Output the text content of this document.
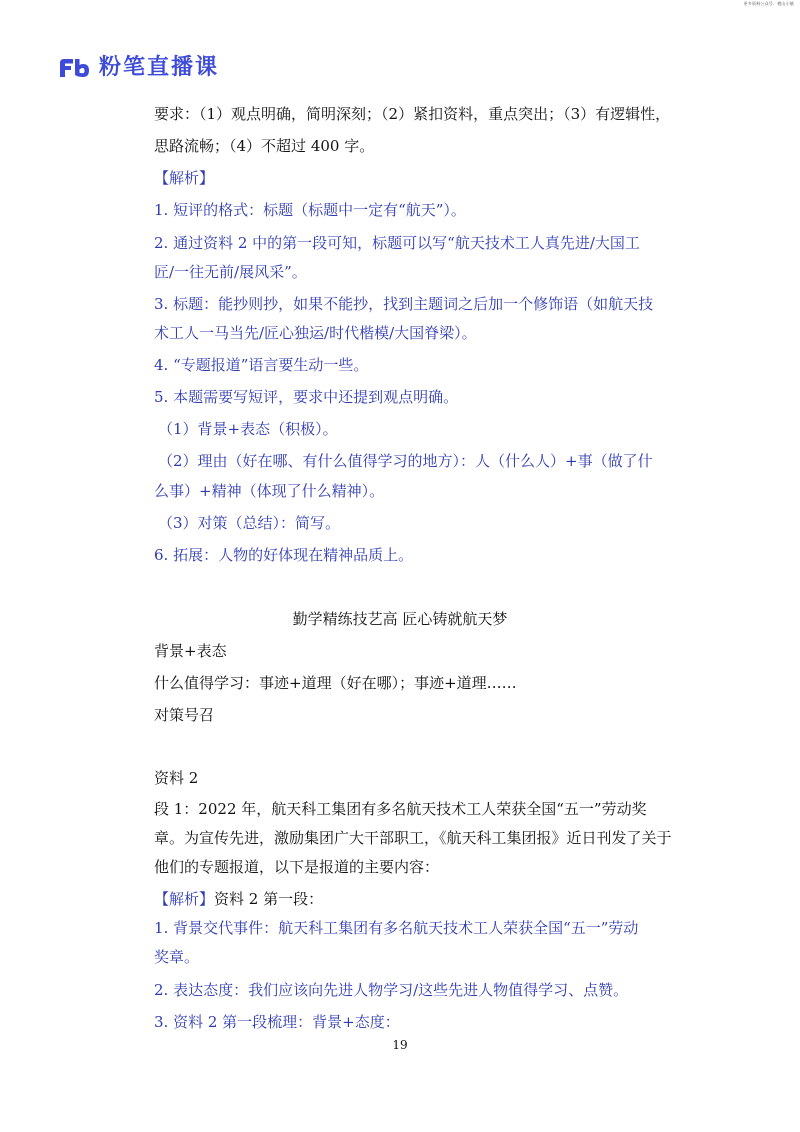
更多资料公众号：橙山小镇
粉笔直播课
要求：（1）观点明确，简明深刻；（2）紧扣资料，重点突出；（3）有逻辑性，
思路流畅；（4）不超过 400 字。
【解析】
1. 短评的格式：标题（标题中一定有“航天”）。
2. 通过资料 2 中的第一段可知，标题可以写“航天技术工人真先进/大国工
匠/一往无前/展风采”。
3. 标题：能抄则抄，如果不能抄，找到主题词之后加一个修饰语（如航天技
术工人一马当先/匠心独运/时代楷模/大国脊梁）。
4. “专题报道”语言要生动一些。
5. 本题需要写短评，要求中还提到观点明确。
（1）背景+表态（积极）。
（2）理由（好在哪、有什么值得学习的地方）：人（什么人）+事（做了什
么事）+精神（体现了什么精神）。
（3）对策（总结）：简写。
6. 拓展：人物的好体现在精神品质上。
勤学精练技艺高 匠心铸就航天梦
背景+表态
什么值得学习：事迹+道理（好在哪）；事迹+道理……
对策号召
资料 2
段 1：2022 年，航天科工集团有多名航天技术工人荣获全国“五一”劳动奖
章。为宣传先进，激励集团广大干部职工，《航天科工集团报》近日刊发了关于
他们的专题报道，以下是报道的主要内容：
【解析】资料 2 第一段：
1. 背景交代事件：航天科工集团有多名航天技术工人荣获全国“五一”劳动
奖章。
2. 表达态度：我们应该向先进人物学习/这些先进人物值得学习、点赞。
3. 资料 2 第一段梳理：背景+态度：
19
